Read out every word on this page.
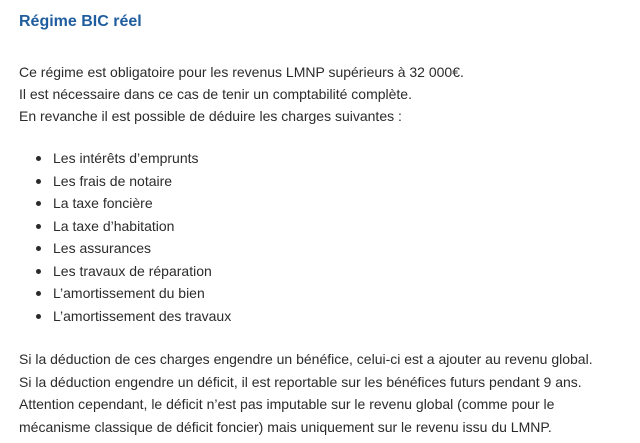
Régime BIC réel

Ce régime est obligatoire pour les revenus LMNP supérieurs à 32 000€.
Il est nécessaire dans ce cas de tenir un comptabilité complète.
En revanche il est possible de déduire les charges suivantes :

Les intérêts d’emprunts
Les frais de notaire
La taxe foncière
La taxe d’habitation
Les assurances
Les travaux de réparation
L’amortissement du bien
L’amortissement des travaux

Si la déduction de ces charges engendre un bénéfice, celui-ci est a ajouter au revenu global.
Si la déduction engendre un déficit, il est reportable sur les bénéfices futurs pendant 9 ans.
Attention cependant, le déficit n’est pas imputable sur le revenu global (comme pour le
mécanisme classique de déficit foncier) mais uniquement sur le revenu issu du LMNP.
